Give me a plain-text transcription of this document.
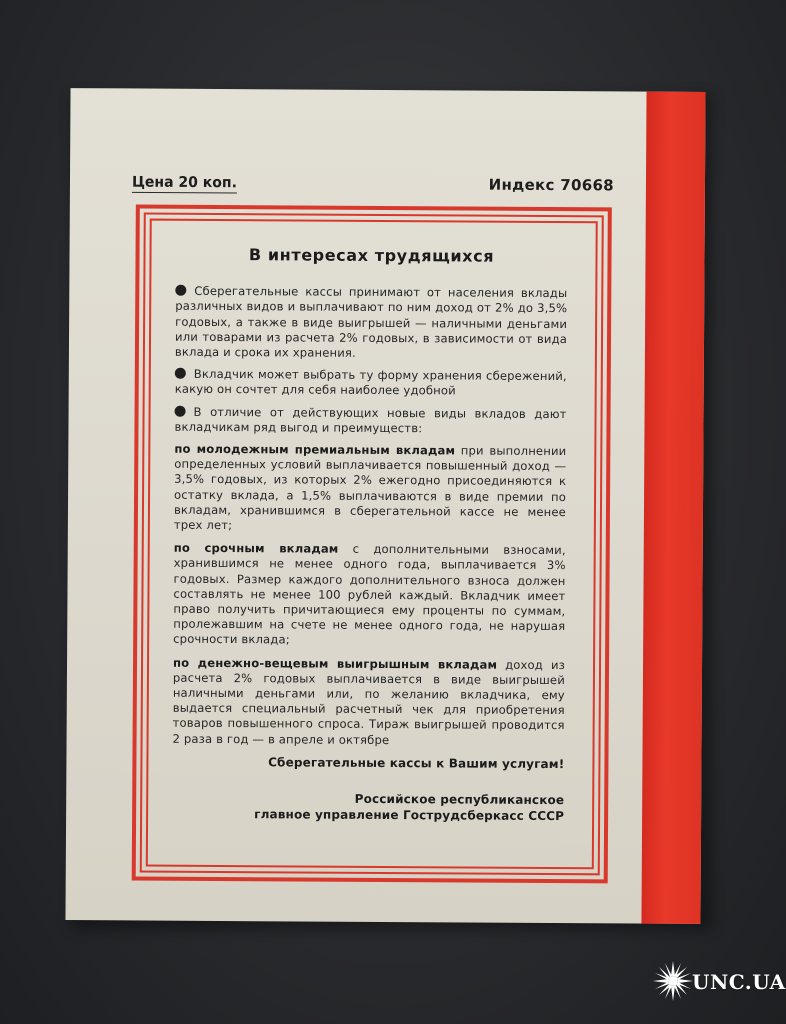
Цена 20 коп.	Индекс 70668
В интересах трудящихся

Сберегательные кассы принимают от населения вклады различных видов и выплачивают по ним доход от 2% до 3,5% годовых, а также в виде выигрышей — наличными деньгами или товарами из расчета 2% годовых, в зависимости от вида вклада и срока их хранения.

Вкладчик может выбрать ту форму хранения сбережений, какую он сочтет для себя наиболее удобной

В отличие от действующих новые виды вкладов дают вкладчикам ряд выгод и преимуществ:

по молодежным премиальным вкладам при выполнении определенных условий выплачивается повышенный доход — 3,5% годовых, из которых 2% ежегодно присоединяются к остатку вклада, а 1,5% выплачиваются в виде премии по вкладам, хранившимся в сберегательной кассе не менее трех лет;

по срочным вкладам с дополнительными взносами, хранившимся не менее одного года, выплачивается 3% годовых. Размер каждого дополнительного взноса должен составлять не менее 100 рублей каждый. Вкладчик имеет право получить причитающиеся ему проценты по суммам, пролежавшим на счете не менее одного года, не нарушая срочности вклада;

по денежно-вещевым выигрышным вкладам доход из расчета 2% годовых выплачивается в виде выигрышей наличными деньгами или, по желанию вкладчика, ему выдается специальный расчетный чек для приобретения товаров повышенного спроса. Тираж выигрышей проводится 2 раза в год — в апреле и октябре

Сберегательные кассы к Вашим услугам!
Российское республиканское
главное управление Гострудсберкасс СССР
UNC.UA
